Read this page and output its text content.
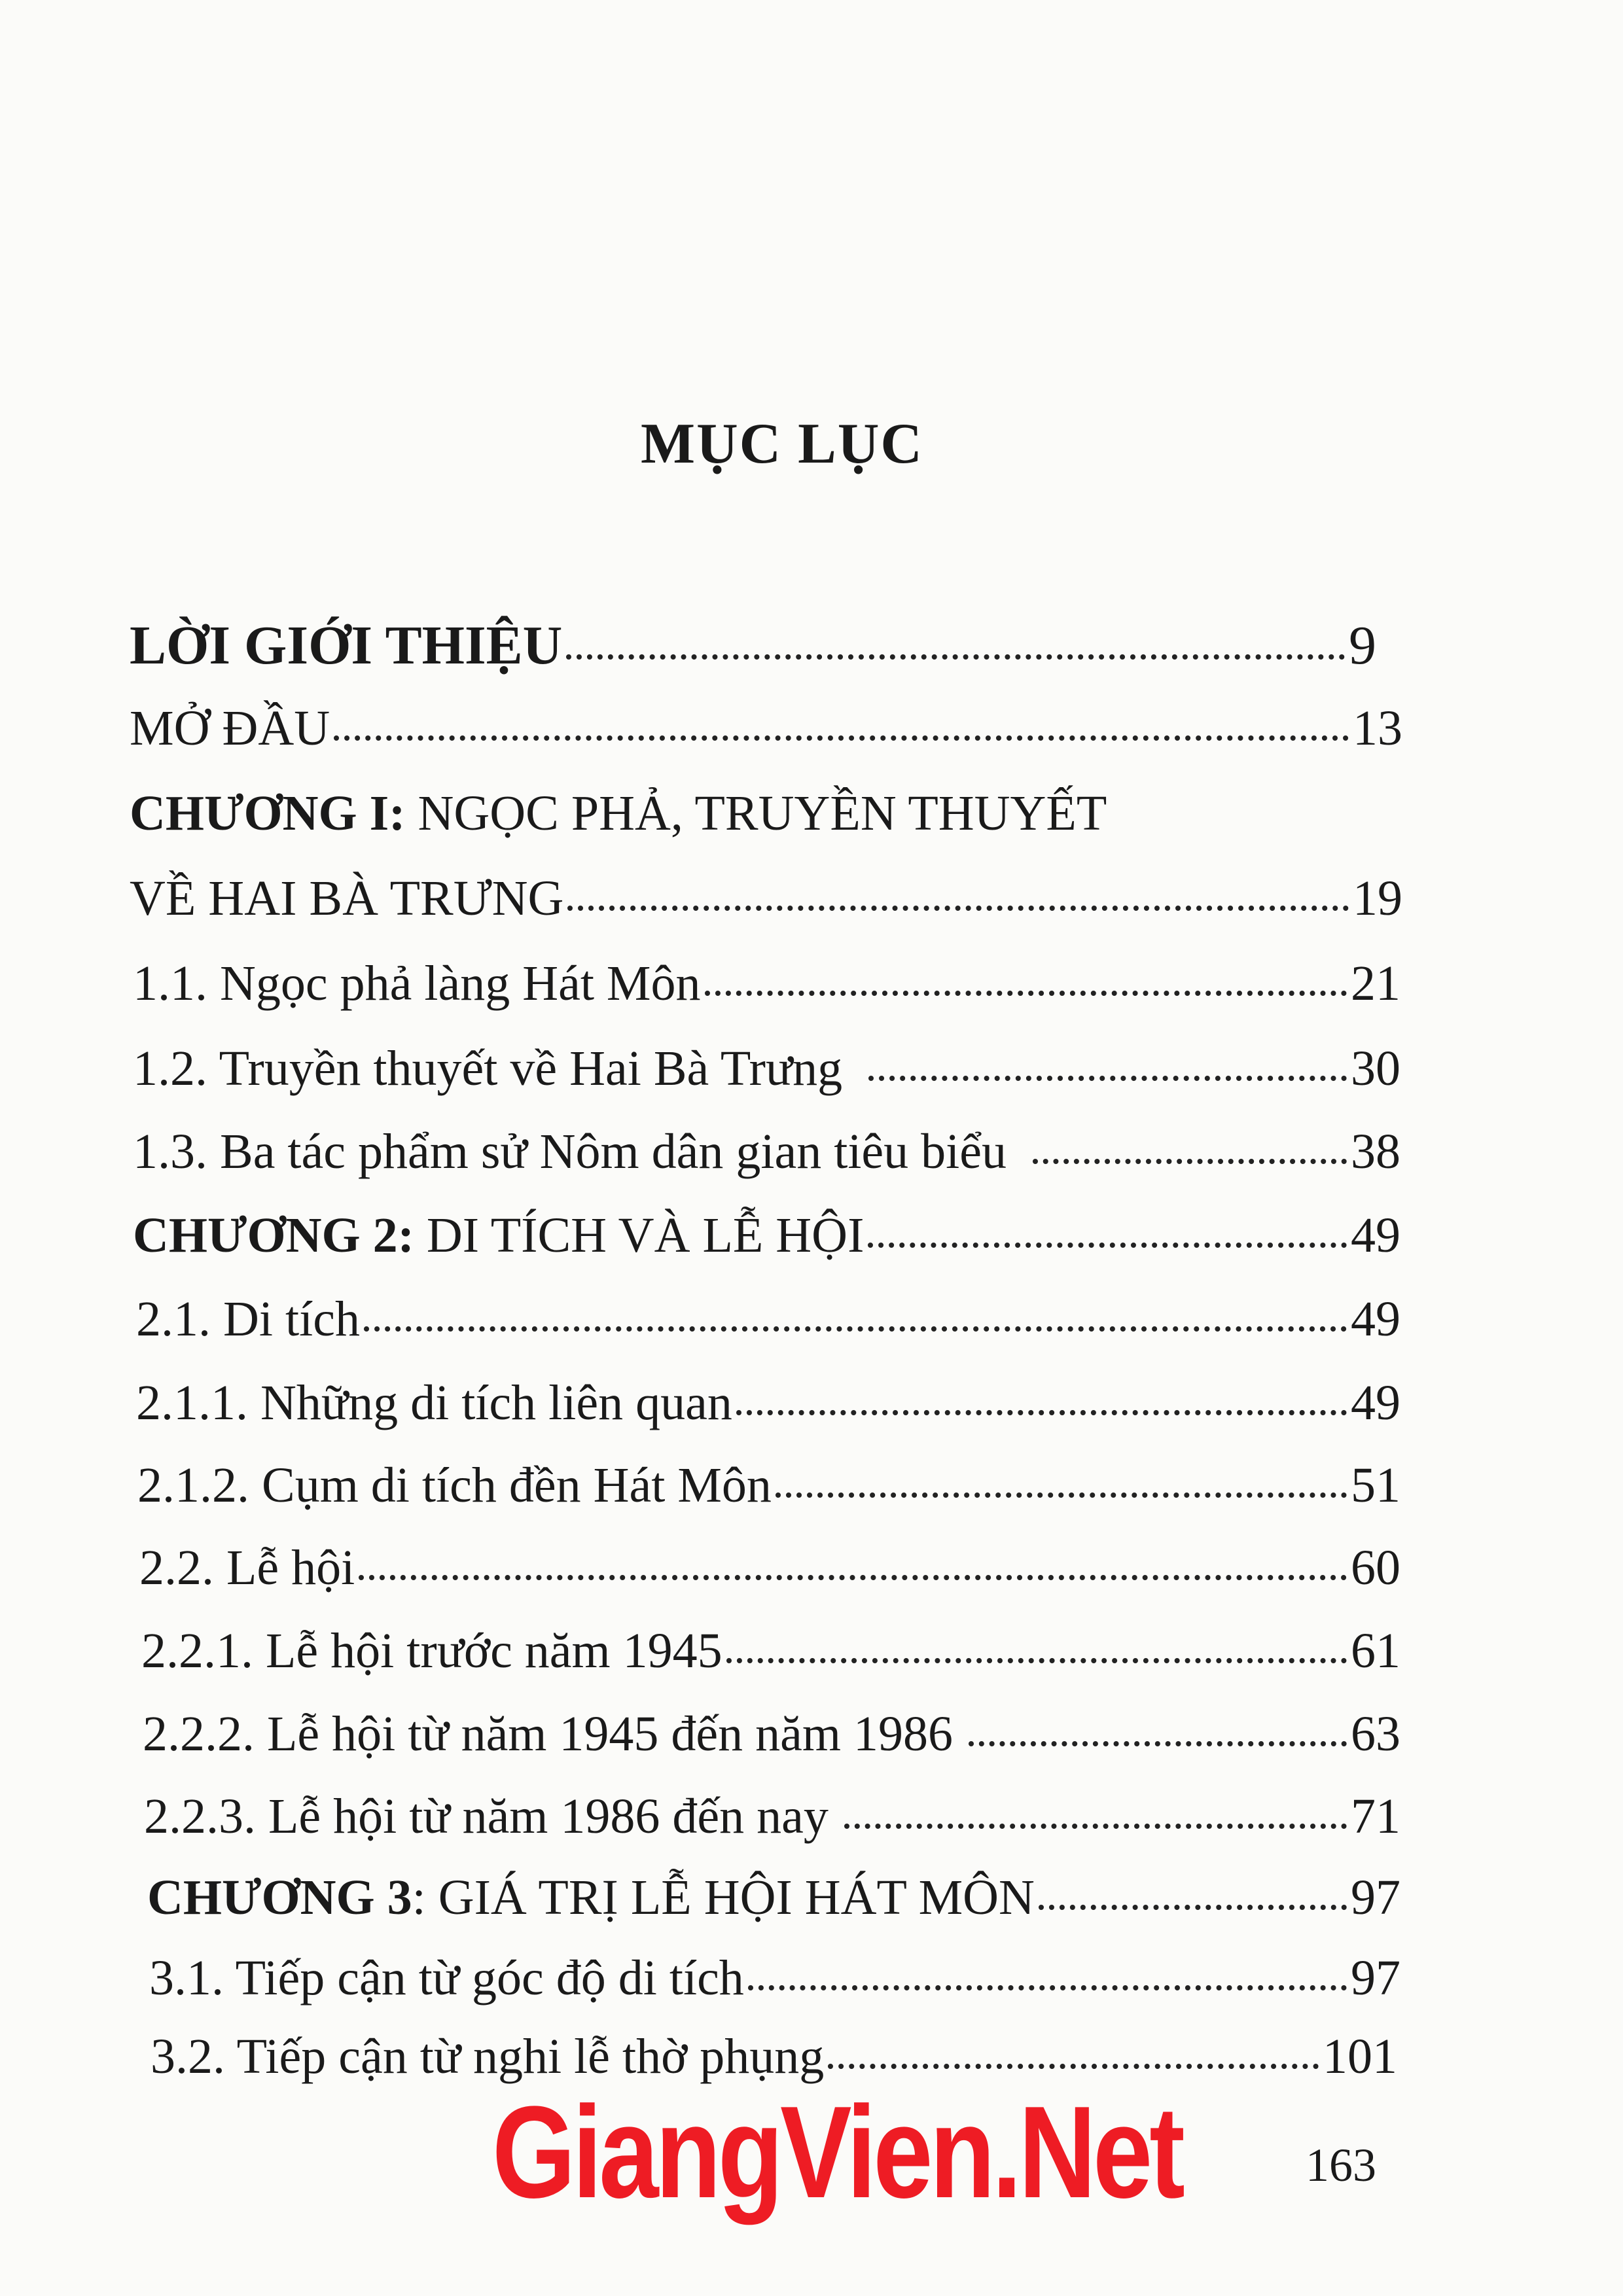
MỤC LỤC
LỜI GIỚI THIỆU	9
MỞ ĐẦU	13
CHƯƠNG I: NGỌC PHẢ, TRUYỀN THUYẾT
VỀ HAI BÀ TRƯNG	19
1.1. Ngọc phả làng Hát Môn	21
1.2. Truyền thuyết về Hai Bà Trưng	30
1.3. Ba tác phẩm sử Nôm dân gian tiêu biểu	38
CHƯƠNG 2: DI TÍCH VÀ LỄ HỘI	49
2.1. Di tích	49
2.1.1. Những di tích liên quan	49
2.1.2. Cụm di tích đền Hát Môn	51
2.2. Lễ hội	60
2.2.1. Lễ hội trước năm 1945	61
2.2.2. Lễ hội từ năm 1945 đến năm 1986	63
2.2.3. Lễ hội từ năm 1986 đến nay	71
CHƯƠNG 3: GIÁ TRỊ LỄ HỘI HÁT MÔN	97
3.1. Tiếp cận từ góc độ di tích	97
3.2. Tiếp cận từ nghi lễ thờ phụng	101
GiangVien.Net	163
